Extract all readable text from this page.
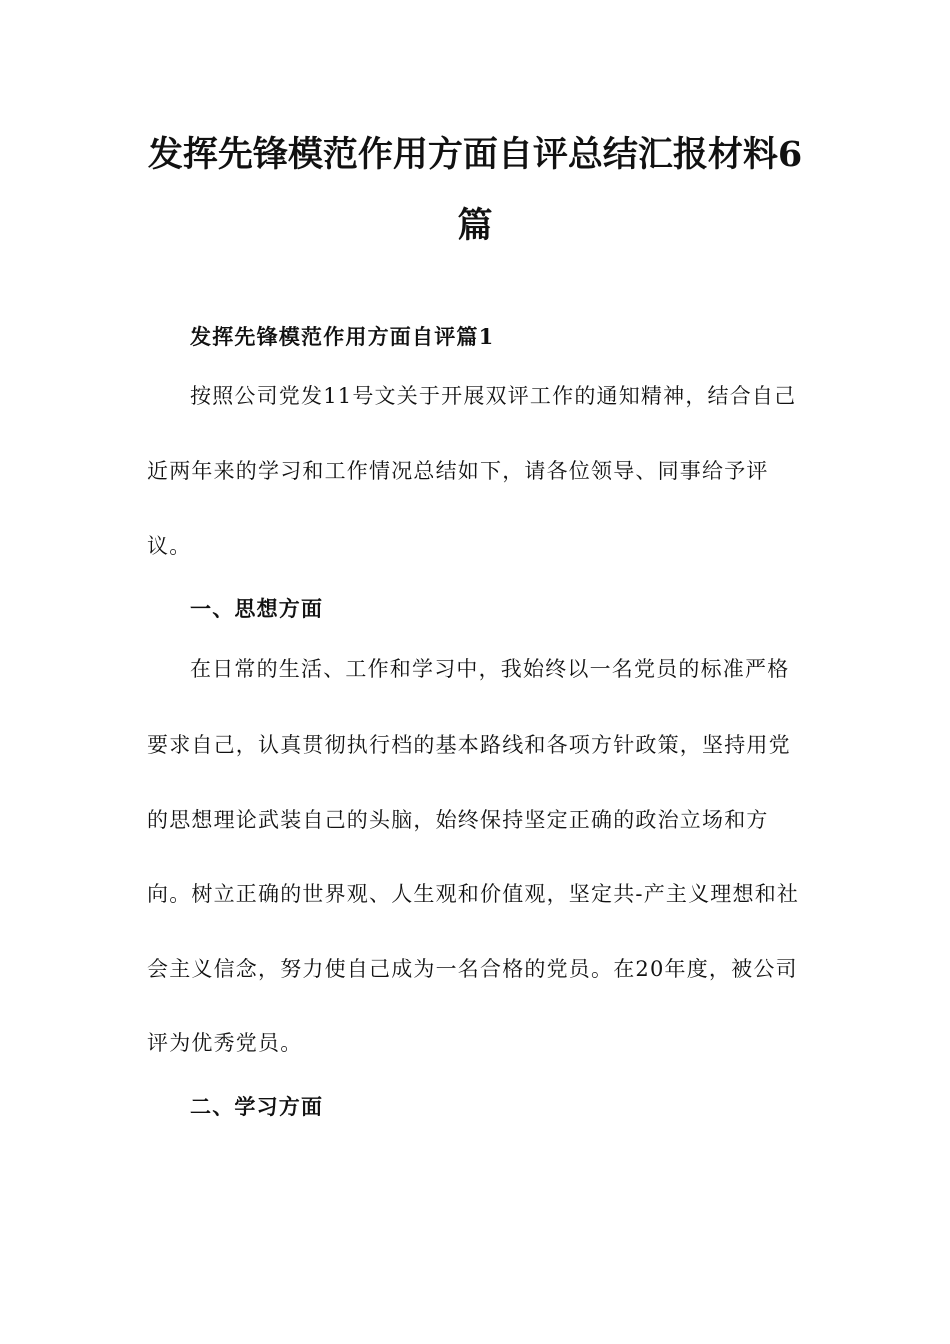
发挥先锋模范作用方面自评总结汇报材料6
篇

发挥先锋模范作用方面自评篇1

按照公司党发11号文关于开展双评工作的通知精神，结合自己

近两年来的学习和工作情况总结如下，请各位领导、同事给予评

议。

一、思想方面

在日常的生活、工作和学习中，我始终以一名党员的标准严格

要求自己，认真贯彻执行档的基本路线和各项方针政策，坚持用党

的思想理论武装自己的头脑，始终保持坚定正确的政治立场和方

向。树立正确的世界观、人生观和价值观，坚定共-产主义理想和社

会主义信念，努力使自己成为一名合格的党员。在20年度，被公司

评为优秀党员。

二、学习方面
